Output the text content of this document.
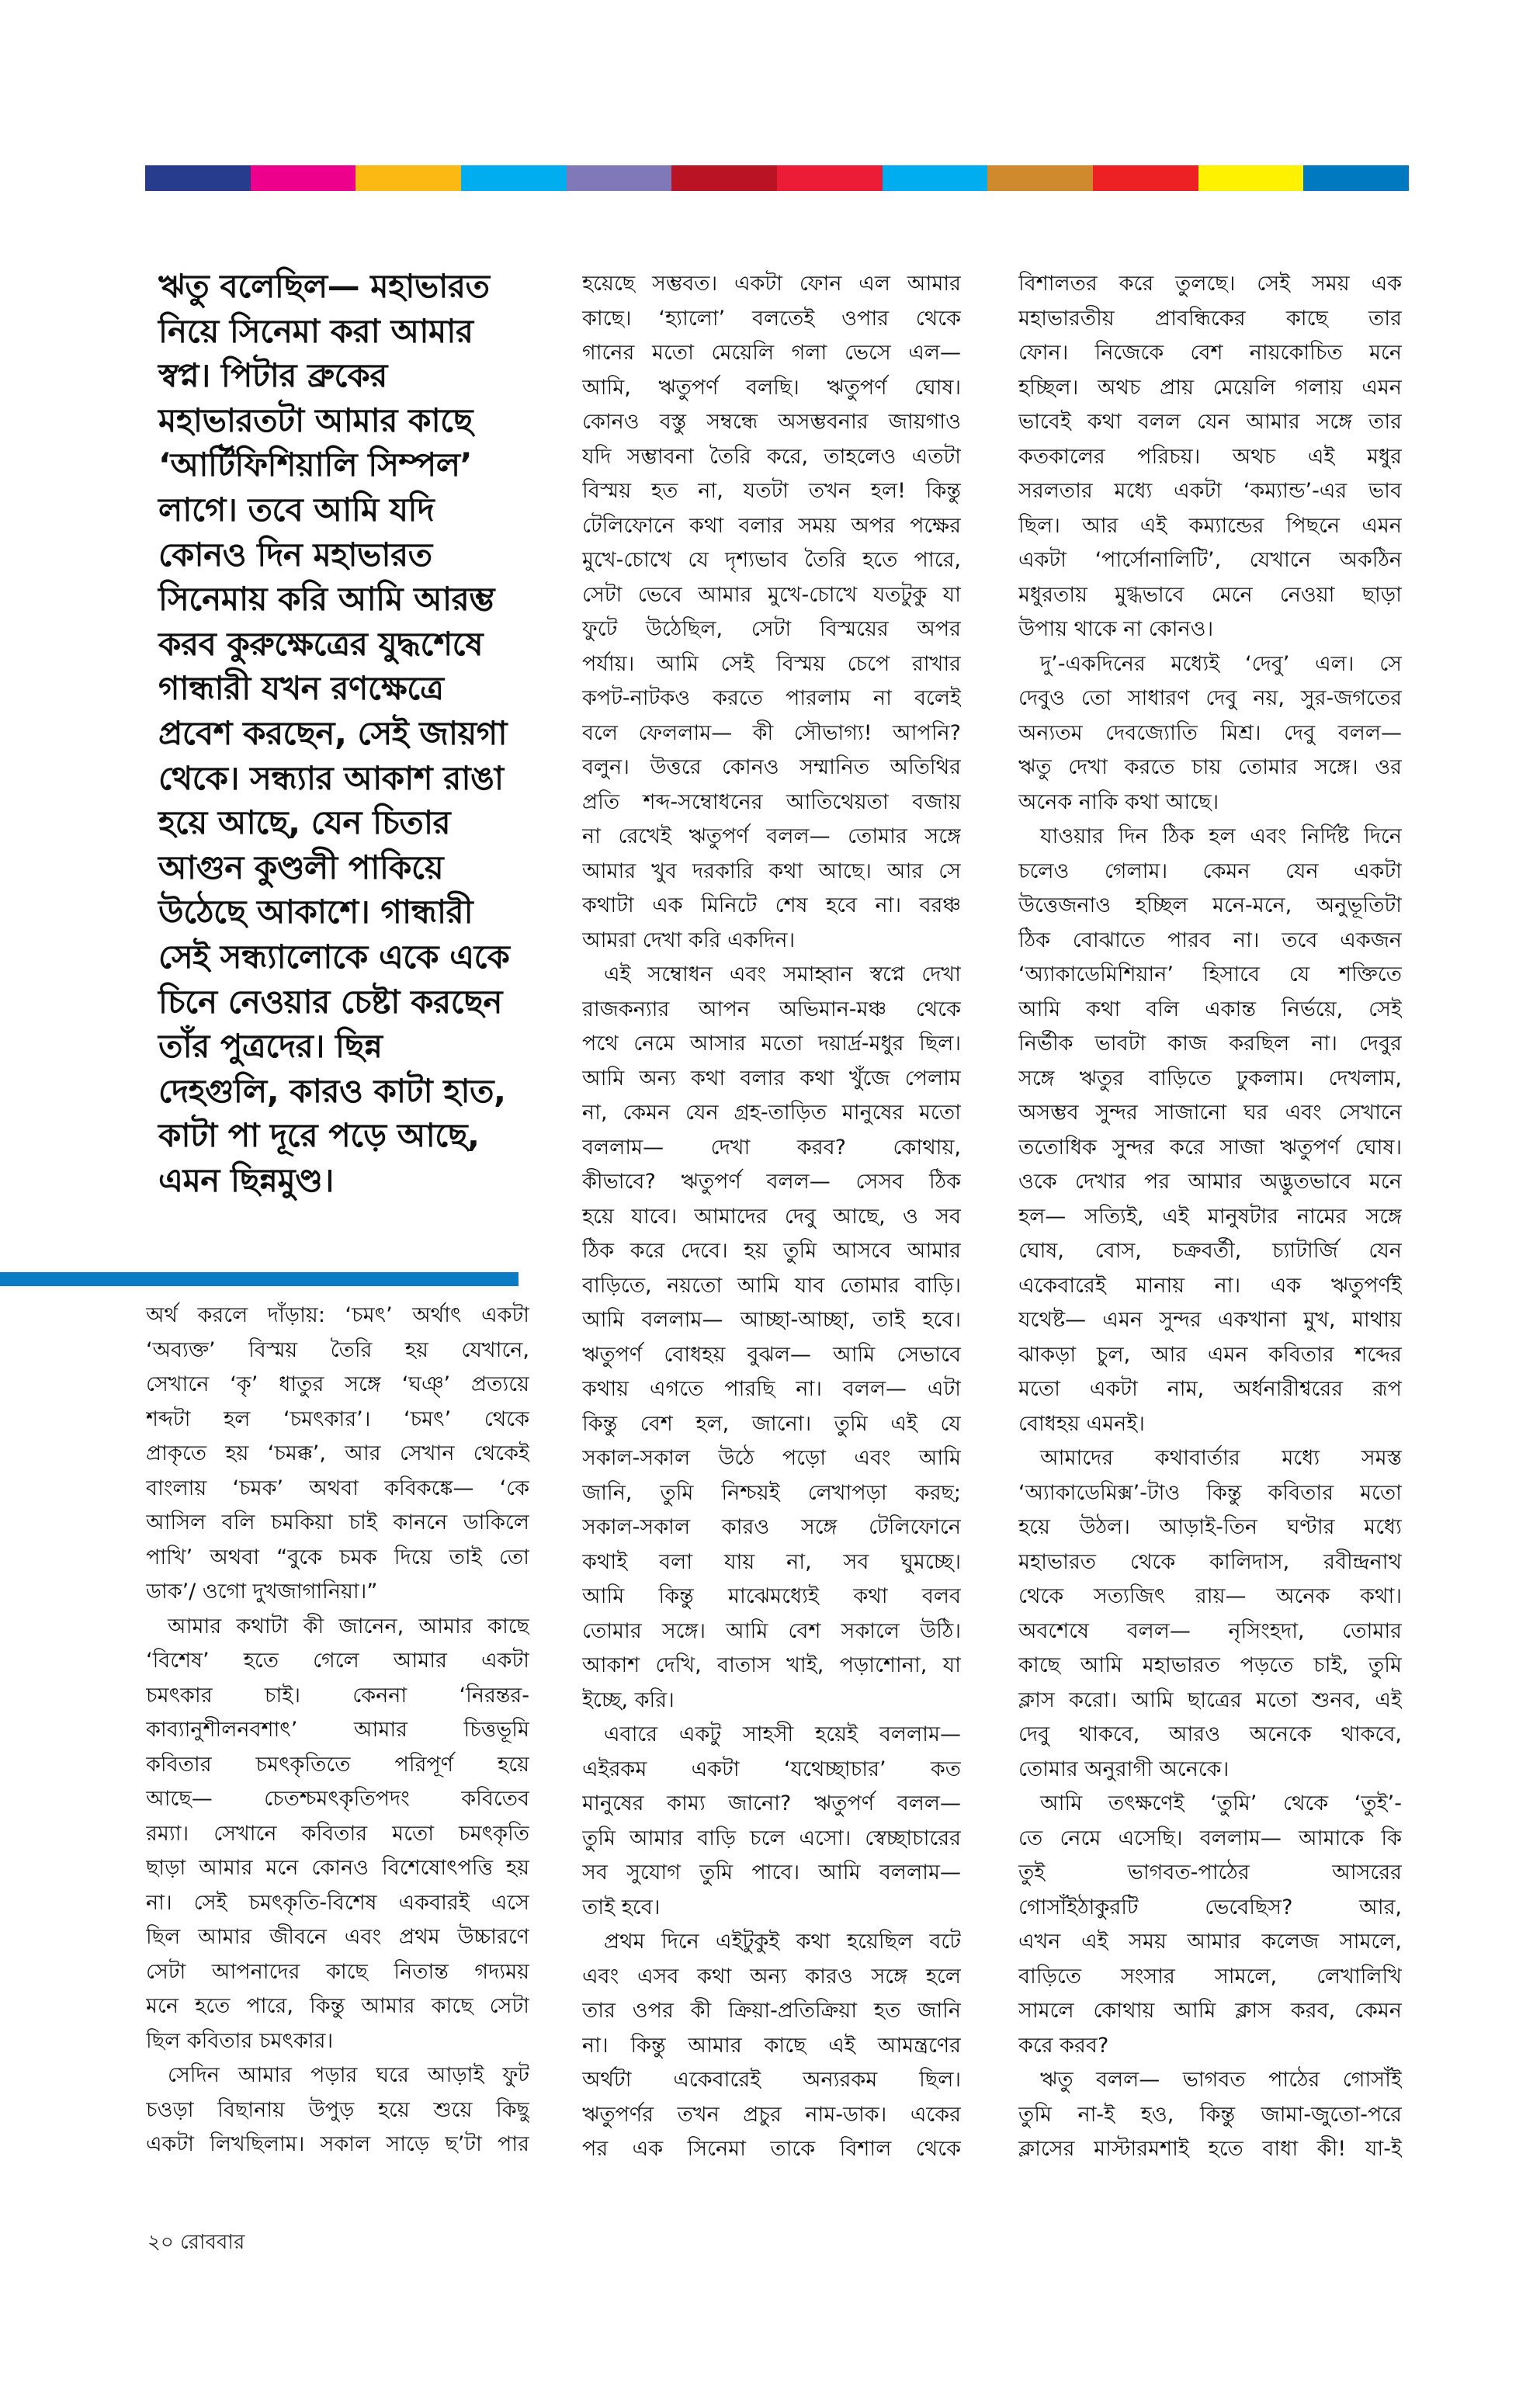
ঋতু বলেছিল— মহাভারত
নিয়ে সিনেমা করা আমার
স্বপ্ন। পিটার ব্রুকের
মহাভারতটা আমার কাছে
‘আর্টিফিশিয়ালি সিম্পল’
লাগে। তবে আমি যদি
কোনও দিন মহাভারত
সিনেমায় করি আমি আরম্ভ
করব কুরুক্ষেত্রের যুদ্ধশেষে
গান্ধারী যখন রণক্ষেত্রে
প্রবেশ করছেন, সেই জায়গা
থেকে। সন্ধ্যার আকাশ রাঙা
হয়ে আছে, যেন চিতার
আগুন কুণ্ডলী পাকিয়ে
উঠেছে আকাশে। গান্ধারী
সেই সন্ধ্যালোকে একে একে
চিনে নেওয়ার চেষ্টা করছেন
তাঁর পুত্রদের। ছিন্ন
দেহগুলি, কারও কাটা হাত,
কাটা পা দূরে পড়ে আছে,
এমন ছিন্নমুণ্ড।
অর্থ করলে দাঁড়ায়: ‘চমৎ’ অর্থাৎ একটা
‘অব্যক্ত’ বিস্ময় তৈরি হয় যেখানে,
সেখানে ‘কৃ’ ধাতুর সঙ্গে ‘ঘঞ্’ প্রত্যয়ে
শব্দটা হল ‘চমৎকার’। ‘চমৎ’ থেকে
প্রাকৃতে হয় ‘চমক্ক’, আর সেখান থেকেই
বাংলায় ‘চমক’ অথবা কবিকঙ্কে— ‘কে
আসিল বলি চমকিয়া চাই কাননে ডাকিলে
পাখি’ অথবা “বুকে চমক দিয়ে তাই তো
ডাক’/ ওগো দুখজাগানিয়া।”
আমার কথাটা কী জানেন, আমার কাছে
‘বিশেষ’ হতে গেলে আমার একটা
চমৎকার চাই। কেননা ‘নিরন্তর-
কাব্যানুশীলনবশাৎ’ আমার চিত্তভূমি
কবিতার চমৎকৃতিতে পরিপূর্ণ হয়ে
আছে— চেতশ্চমৎকৃতিপদং কবিতেব
রম্যা। সেখানে কবিতার মতো চমৎকৃতি
ছাড়া আমার মনে কোনও বিশেষোৎপত্তি হয়
না। সেই চমৎকৃতি-বিশেষ একবারই এসে
ছিল আমার জীবনে এবং প্রথম উচ্চারণে
সেটা আপনাদের কাছে নিতান্ত গদ্যময়
মনে হতে পারে, কিন্তু আমার কাছে সেটা
ছিল কবিতার চমৎকার।
সেদিন আমার পড়ার ঘরে আড়াই ফুট
চওড়া বিছানায় উপুড় হয়ে শুয়ে কিছু
একটা লিখছিলাম। সকাল সাড়ে ছ’টা পার
হয়েছে সম্ভবত। একটা ফোন এল আমার
কাছে। ‘হ্যালো’ বলতেই ওপার থেকে
গানের মতো মেয়েলি গলা ভেসে এল—
আমি, ঋতুপর্ণ বলছি। ঋতুপর্ণ ঘোষ।
কোনও বস্তু সম্বন্ধে অসম্ভবনার জায়গাও
যদি সম্ভাবনা তৈরি করে, তাহলেও এতটা
বিস্ময় হত না, যতটা তখন হল! কিন্তু
টেলিফোনে কথা বলার সময় অপর পক্ষের
মুখে-চোখে যে দৃশ্যভাব তৈরি হতে পারে,
সেটা ভেবে আমার মুখে-চোখে যতটুকু যা
ফুটে উঠেছিল, সেটা বিস্ময়ের অপর
পর্যায়। আমি সেই বিস্ময় চেপে রাখার
কপট-নাটকও করতে পারলাম না বলেই
বলে ফেললাম— কী সৌভাগ্য! আপনি?
বলুন। উত্তরে কোনও সম্মানিত অতিথির
প্রতি শব্দ-সম্বোধনের আতিথেয়তা বজায়
না রেখেই ঋতুপর্ণ বলল— তোমার সঙ্গে
আমার খুব দরকারি কথা আছে। আর সে
কথাটা এক মিনিটে শেষ হবে না। বরঞ্চ
আমরা দেখা করি একদিন।
এই সম্বোধন এবং সমাহ্বান স্বপ্নে দেখা
রাজকন্যার আপন অভিমান-মঞ্চ থেকে
পথে নেমে আসার মতো দয়ার্দ্র-মধুর ছিল।
আমি অন্য কথা বলার কথা খুঁজে পেলাম
না, কেমন যেন গ্রহ-তাড়িত মানুষের মতো
বললাম— দেখা করব? কোথায়,
কীভাবে? ঋতুপর্ণ বলল— সেসব ঠিক
হয়ে যাবে। আমাদের দেবু আছে, ও সব
ঠিক করে দেবে। হয় তুমি আসবে আমার
বাড়িতে, নয়তো আমি যাব তোমার বাড়ি।
আমি বললাম— আচ্ছা-আচ্ছা, তাই হবে।
ঋতুপর্ণ বোধহয় বুঝল— আমি সেভাবে
কথায় এগতে পারছি না। বলল— এটা
কিন্তু বেশ হল, জানো। তুমি এই যে
সকাল-সকাল উঠে পড়ো এবং আমি
জানি, তুমি নিশ্চয়ই লেখাপড়া করছ;
সকাল-সকাল কারও সঙ্গে টেলিফোনে
কথাই বলা যায় না, সব ঘুমচ্ছে।
আমি কিন্তু মাঝেমধ্যেই কথা বলব
তোমার সঙ্গে। আমি বেশ সকালে উঠি।
আকাশ দেখি, বাতাস খাই, পড়াশোনা, যা
ইচ্ছে, করি।
এবারে একটু সাহসী হয়েই বললাম—
এইরকম একটা ‘যথেচ্ছাচার’ কত
মানুষের কাম্য জানো? ঋতুপর্ণ বলল—
তুমি আমার বাড়ি চলে এসো। স্বেচ্ছাচারের
সব সুযোগ তুমি পাবে। আমি বললাম—
তাই হবে।
প্রথম দিনে এইটুকুই কথা হয়েছিল বটে
এবং এসব কথা অন্য কারও সঙ্গে হলে
তার ওপর কী ক্রিয়া-প্রতিক্রিয়া হত জানি
না। কিন্তু আমার কাছে এই আমন্ত্রণের
অর্থটা একেবারেই অন্যরকম ছিল।
ঋতুপর্ণর তখন প্রচুর নাম-ডাক। একের
পর এক সিনেমা তাকে বিশাল থেকে
বিশালতর করে তুলছে। সেই সময় এক
মহাভারতীয় প্রাবন্ধিকের কাছে তার
ফোন। নিজেকে বেশ নায়কোচিত মনে
হচ্ছিল। অথচ প্রায় মেয়েলি গলায় এমন
ভাবেই কথা বলল যেন আমার সঙ্গে তার
কতকালের পরিচয়। অথচ এই মধুর
সরলতার মধ্যে একটা ‘কম্যান্ড’-এর ভাব
ছিল। আর এই কম্যান্ডের পিছনে এমন
একটা ‘পার্সোনালিটি’, যেখানে অকঠিন
মধুরতায় মুগ্ধভাবে মেনে নেওয়া ছাড়া
উপায় থাকে না কোনও।
দু’-একদিনের মধ্যেই ‘দেবু’ এল। সে
দেবুও তো সাধারণ দেবু নয়, সুর-জগতের
অন্যতম দেবজ্যোতি মিশ্র। দেবু বলল—
ঋতু দেখা করতে চায় তোমার সঙ্গে। ওর
অনেক নাকি কথা আছে।
যাওয়ার দিন ঠিক হল এবং নির্দিষ্ট দিনে
চলেও গেলাম। কেমন যেন একটা
উত্তেজনাও হচ্ছিল মনে-মনে, অনুভূতিটা
ঠিক বোঝাতে পারব না। তবে একজন
‘অ্যাকাডেমিশিয়ান’ হিসাবে যে শক্তিতে
আমি কথা বলি একান্ত নির্ভয়ে, সেই
নির্ভীক ভাবটা কাজ করছিল না। দেবুর
সঙ্গে ঋতুর বাড়িতে ঢুকলাম। দেখলাম,
অসম্ভব সুন্দর সাজানো ঘর এবং সেখানে
ততোধিক সুন্দর করে সাজা ঋতুপর্ণ ঘোষ।
ওকে দেখার পর আমার অদ্ভুতভাবে মনে
হল— সত্যিই, এই মানুষটার নামের সঙ্গে
ঘোষ, বোস, চক্রবর্তী, চ্যাটার্জি যেন
একেবারেই মানায় না। এক ঋতুপর্ণই
যথেষ্ট— এমন সুন্দর একখানা মুখ, মাথায়
ঝাকড়া চুল, আর এমন কবিতার শব্দের
মতো একটা নাম, অর্ধনারীশ্বরের রূপ
বোধহয় এমনই।
আমাদের কথাবার্তার মধ্যে সমস্ত
‘অ্যাকাডেমিক্স’-টাও কিন্তু কবিতার মতো
হয়ে উঠল। আড়াই-তিন ঘণ্টার মধ্যে
মহাভারত থেকে কালিদাস, রবীন্দ্রনাথ
থেকে সত্যজিৎ রায়— অনেক কথা।
অবশেষে বলল— নৃসিংহদা, তোমার
কাছে আমি মহাভারত পড়তে চাই, তুমি
ক্লাস করো। আমি ছাত্রের মতো শুনব, এই
দেবু থাকবে, আরও অনেকে থাকবে,
তোমার অনুরাগী অনেকে।
আমি তৎক্ষণেই ‘তুমি’ থেকে ‘তুই’-
তে নেমে এসেছি। বললাম— আমাকে কি
তুই ভাগবত-পাঠের আসরের
গোসাঁইঠাকুরটি ভেবেছিস? আর,
এখন এই সময় আমার কলেজ সামলে,
বাড়িতে সংসার সামলে, লেখালিখি
সামলে কোথায় আমি ক্লাস করব, কেমন
করে করব?
ঋতু বলল— ভাগবত পাঠের গোসাঁই
তুমি না-ই হও, কিন্তু জামা-জুতো-পরে
ক্লাসের মাস্টারমশাই হতে বাধা কী! যা-ই
২০ রোববার
